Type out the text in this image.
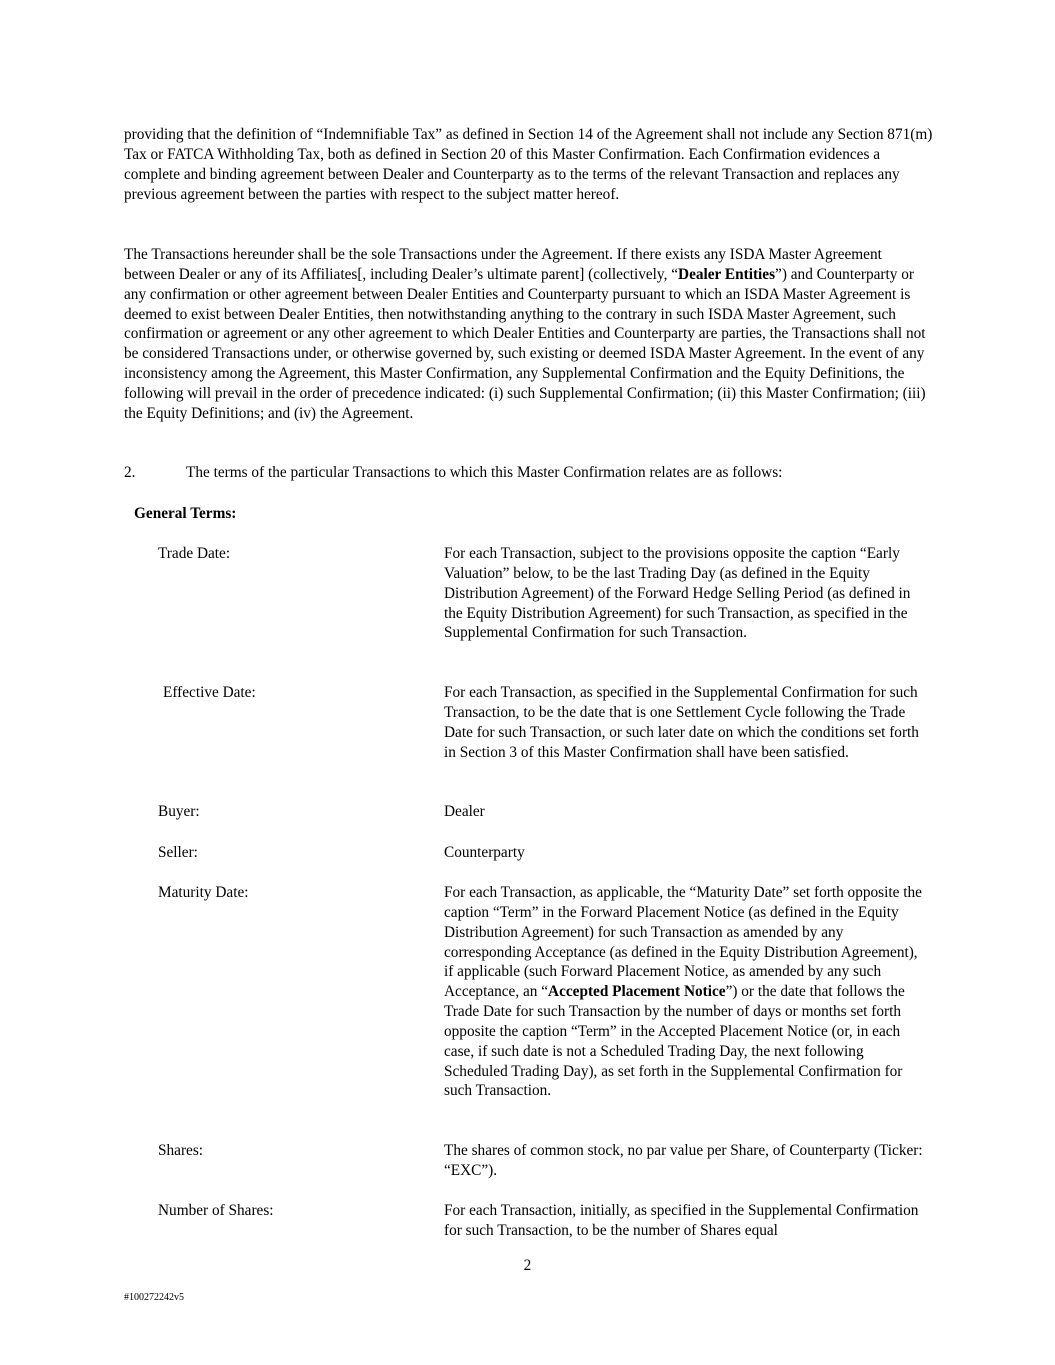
providing that the definition of “Indemnifiable Tax” as defined in Section 14 of the Agreement shall not include any Section 871(m) Tax or FATCA Withholding Tax, both as defined in Section 20 of this Master Confirmation. Each Confirmation evidences a complete and binding agreement between Dealer and Counterparty as to the terms of the relevant Transaction and replaces any previous agreement between the parties with respect to the subject matter hereof.

The Transactions hereunder shall be the sole Transactions under the Agreement. If there exists any ISDA Master Agreement between Dealer or any of its Affiliates[, including Dealer’s ultimate parent] (collectively, “Dealer Entities”) and Counterparty or any confirmation or other agreement between Dealer Entities and Counterparty pursuant to which an ISDA Master Agreement is deemed to exist between Dealer Entities, then notwithstanding anything to the contrary in such ISDA Master Agreement, such confirmation or agreement or any other agreement to which Dealer Entities and Counterparty are parties, the Transactions shall not be considered Transactions under, or otherwise governed by, such existing or deemed ISDA Master Agreement. In the event of any inconsistency among the Agreement, this Master Confirmation, any Supplemental Confirmation and the Equity Definitions, the following will prevail in the order of precedence indicated: (i) such Supplemental Confirmation; (ii) this Master Confirmation; (iii) the Equity Definitions; and (iv) the Agreement.

2.	The terms of the particular Transactions to which this Master Confirmation relates are as follows:
General Terms:
Trade Date:	For each Transaction, subject to the provisions opposite the caption “Early Valuation” below, to be the last Trading Day (as defined in the Equity Distribution Agreement) of the Forward Hedge Selling Period (as defined in the Equity Distribution Agreement) for such Transaction, as specified in the Supplemental Confirmation for such Transaction.
Effective Date:	For each Transaction, as specified in the Supplemental Confirmation for such Transaction, to be the date that is one Settlement Cycle following the Trade Date for such Transaction, or such later date on which the conditions set forth in Section 3 of this Master Confirmation shall have been satisfied.
Buyer:	Dealer
Seller:	Counterparty
Maturity Date:	For each Transaction, as applicable, the “Maturity Date” set forth opposite the caption “Term” in the Forward Placement Notice (as defined in the Equity Distribution Agreement) for such Transaction as amended by any corresponding Acceptance (as defined in the Equity Distribution Agreement), if applicable (such Forward Placement Notice, as amended by any such Acceptance, an “Accepted Placement Notice”) or the date that follows the Trade Date for such Transaction by the number of days or months set forth opposite the caption “Term” in the Accepted Placement Notice (or, in each case, if such date is not a Scheduled Trading Day, the next following Scheduled Trading Day), as set forth in the Supplemental Confirmation for such Transaction.
Shares:	The shares of common stock, no par value per Share, of Counterparty (Ticker: “EXC”).
Number of Shares:	For each Transaction, initially, as specified in the Supplemental Confirmation for such Transaction, to be the number of Shares equal
2
#100272242v5
